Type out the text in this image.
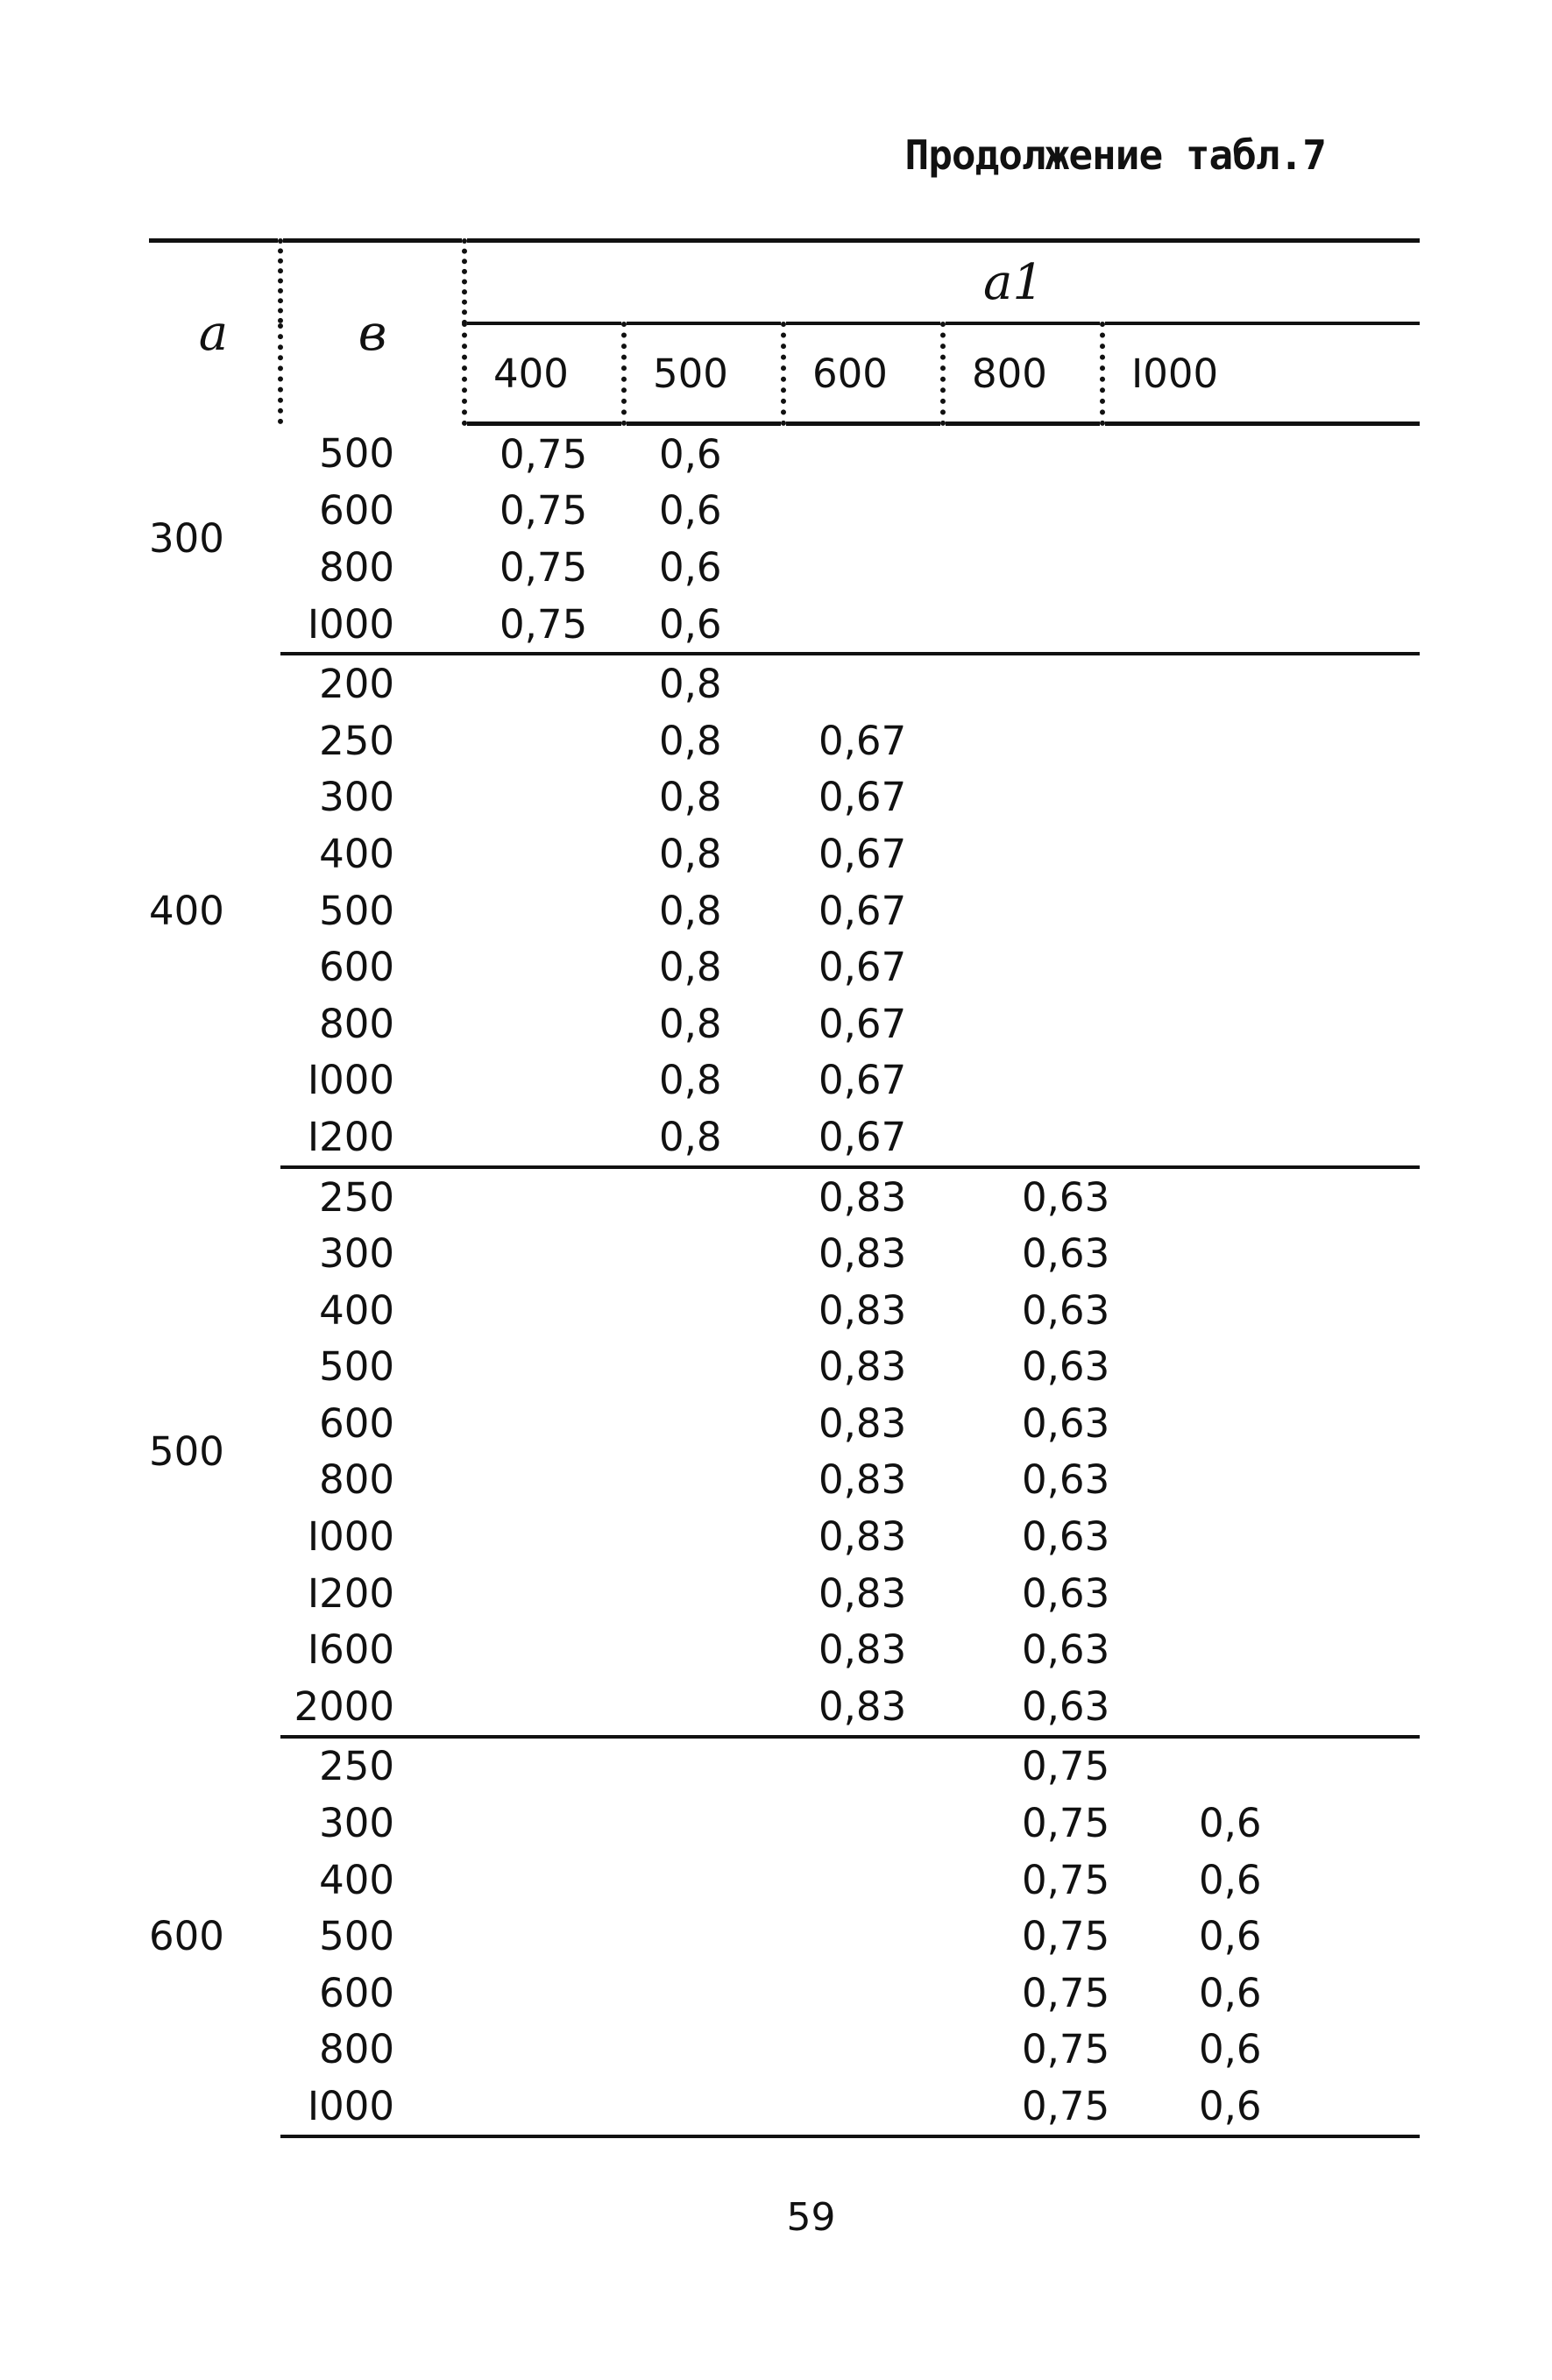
Продолжение табл.7
a	в	a1				
		400	500	600	800	I000
300	500	0,75	0,6			
	600	0,75	0,6			
	800	0,75	0,6			
	I000	0,75	0,6			
400	200		0,8			
	250		0,8	0,67		
	300		0,8	0,67		
	400		0,8	0,67		
	500		0,8	0,67		
	600		0,8	0,67		
	800		0,8	0,67		
	I000		0,8	0,67		
	I200		0,8	0,67		
500	250			0,83	0,63	
	300			0,83	0,63	
	400			0,83	0,63	
	500			0,83	0,63	
	600			0,83	0,63	
	800			0,83	0,63	
	I000			0,83	0,63	
	I200			0,83	0,63	
	I600			0,83	0,63	
	2000			0,83	0,63	
600	250				0,75	
	300				0,75	0,6
	400				0,75	0,6
	500				0,75	0,6
	600				0,75	0,6
	800				0,75	0,6
	I000				0,75	0,6
59
